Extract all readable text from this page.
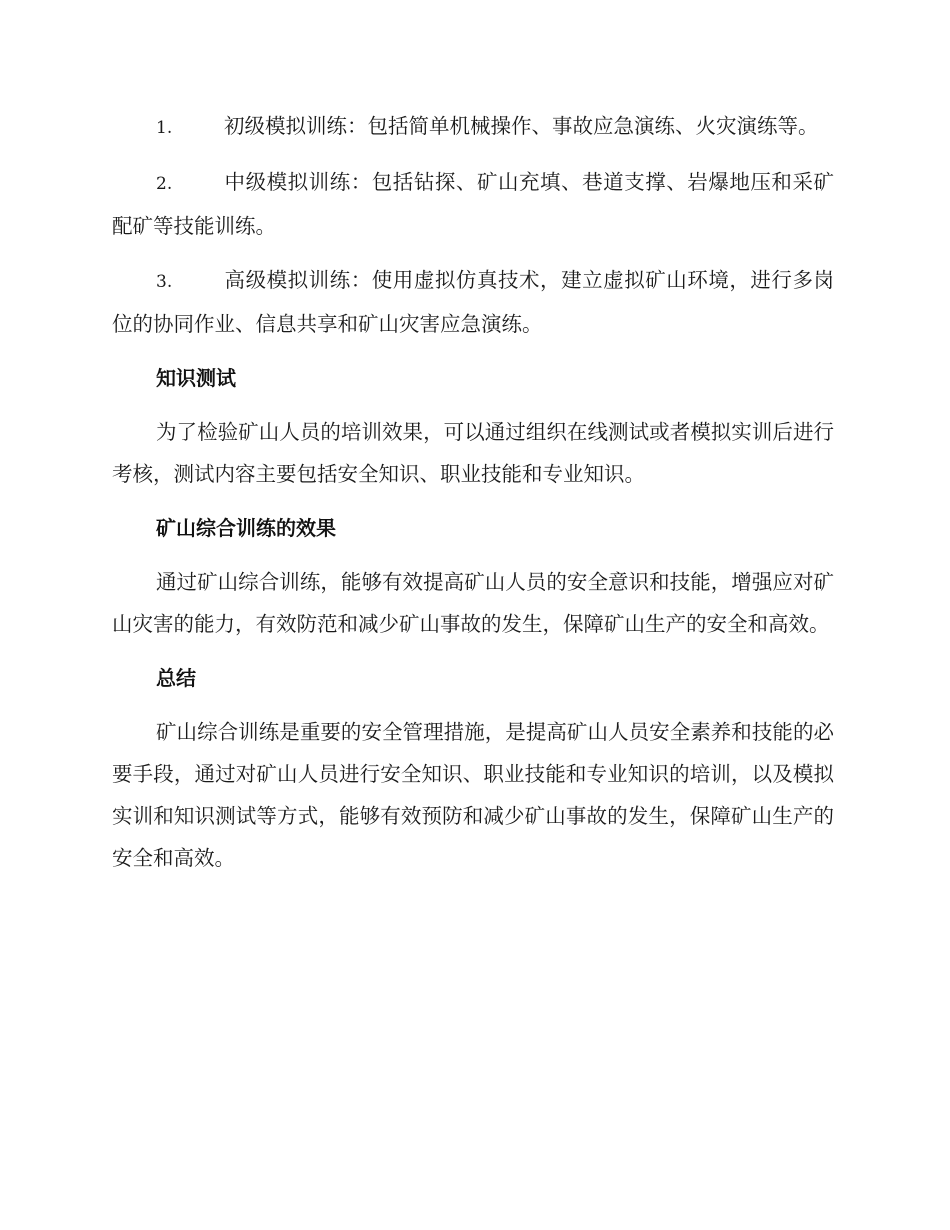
1.	初级模拟训练：包括简单机械操作、事故应急演练、火灾演练等。

2.	中级模拟训练：包括钻探、矿山充填、巷道支撑、岩爆地压和采矿配矿等技能训练。

3.	高级模拟训练：使用虚拟仿真技术，建立虚拟矿山环境，进行多岗位的协同作业、信息共享和矿山灾害应急演练。

知识测试

为了检验矿山人员的培训效果，可以通过组织在线测试或者模拟实训后进行考核，测试内容主要包括安全知识、职业技能和专业知识。

矿山综合训练的效果

通过矿山综合训练，能够有效提高矿山人员的安全意识和技能，增强应对矿山灾害的能力，有效防范和减少矿山事故的发生，保障矿山生产的安全和高效。

总结

矿山综合训练是重要的安全管理措施，是提高矿山人员安全素养和技能的必要手段，通过对矿山人员进行安全知识、职业技能和专业知识的培训，以及模拟实训和知识测试等方式，能够有效预防和减少矿山事故的发生，保障矿山生产的安全和高效。
